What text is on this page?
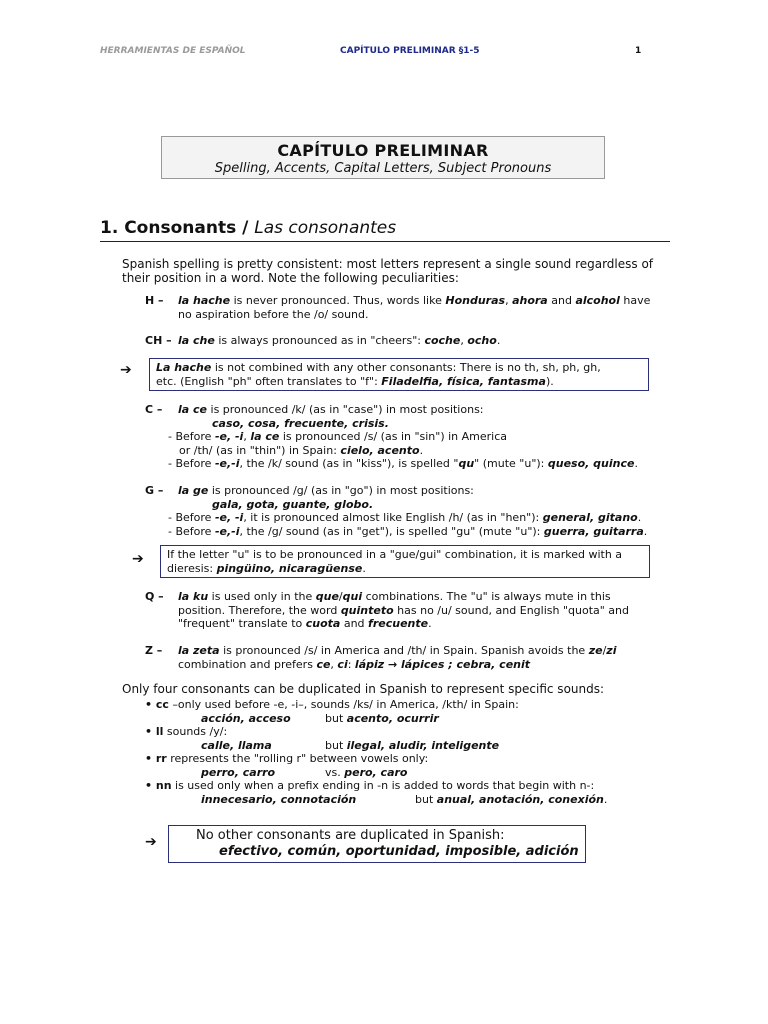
HERRAMIENTAS DE ESPAÑOL	CAPÍTULO PRELIMINAR §1-5	1
CAPÍTULO PRELIMINAR
Spelling, Accents, Capital Letters, Subject Pronouns
1. Consonants / Las consonantes
Spanish spelling is pretty consistent: most letters represent a single sound regardless of their position in a word. Note the following peculiarities:
H – la hache is never pronounced. Thus, words like Honduras, ahora and alcohol have
no aspiration before the /o/ sound.
CH – la che is always pronounced as in "cheers": coche, ocho.
➔	La hache is not combined with any other consonants: There is no th, sh, ph, gh,
etc. (English "ph" often translates to "f": Filadelfia, física, fantasma).
C –	la ce is pronounced /k/ (as in "case") in most positions:
caso, cosa, frecuente, crisis.
- Before -e, -i, la ce is pronounced /s/ (as in "sin") in America
or /th/ (as in "thin") in Spain: cielo, acento.
- Before -e,-i, the /k/ sound (as in "kiss"), is spelled "qu" (mute "u"): queso, quince.
G –	la ge is pronounced /g/ (as in "go") in most positions:
gala, gota, guante, globo.
- Before -e, -i, it is pronounced almost like English /h/ (as in "hen"): general, gitano.
- Before -e,-i, the /g/ sound (as in "get"), is spelled "gu" (mute "u"): guerra, guitarra.
➔	If the letter "u" is to be pronounced in a "gue/gui" combination, it is marked with a
dieresis: pingüino, nicaragüense.
Q – la ku is used only in the que/qui combinations. The "u" is always mute in this
position. Therefore, the word quinteto has no /u/ sound, and English "quota" and
"frequent" translate to cuota and frecuente.
Z – la zeta is pronounced /s/ in America and /th/ in Spain. Spanish avoids the ze/zi
combination and prefers ce, ci: lápiz → lápices ; cebra, cenit
Only four consonants can be duplicated in Spanish to represent specific sounds:
• cc –only used before -e, -i–, sounds /ks/ in America, /kth/ in Spain:
acción, acceso	but acento, ocurrir
• ll sounds /y/:
calle, llama	but ilegal, aludir, inteligente
• rr represents the "rolling r" between vowels only:
perro, carro	vs. pero, caro
• nn is used only when a prefix ending in -n is added to words that begin with n-:
innecesario, connotación	but anual, anotación, conexión.
➔	No other consonants are duplicated in Spanish:
efectivo, común, oportunidad, imposible, adición
